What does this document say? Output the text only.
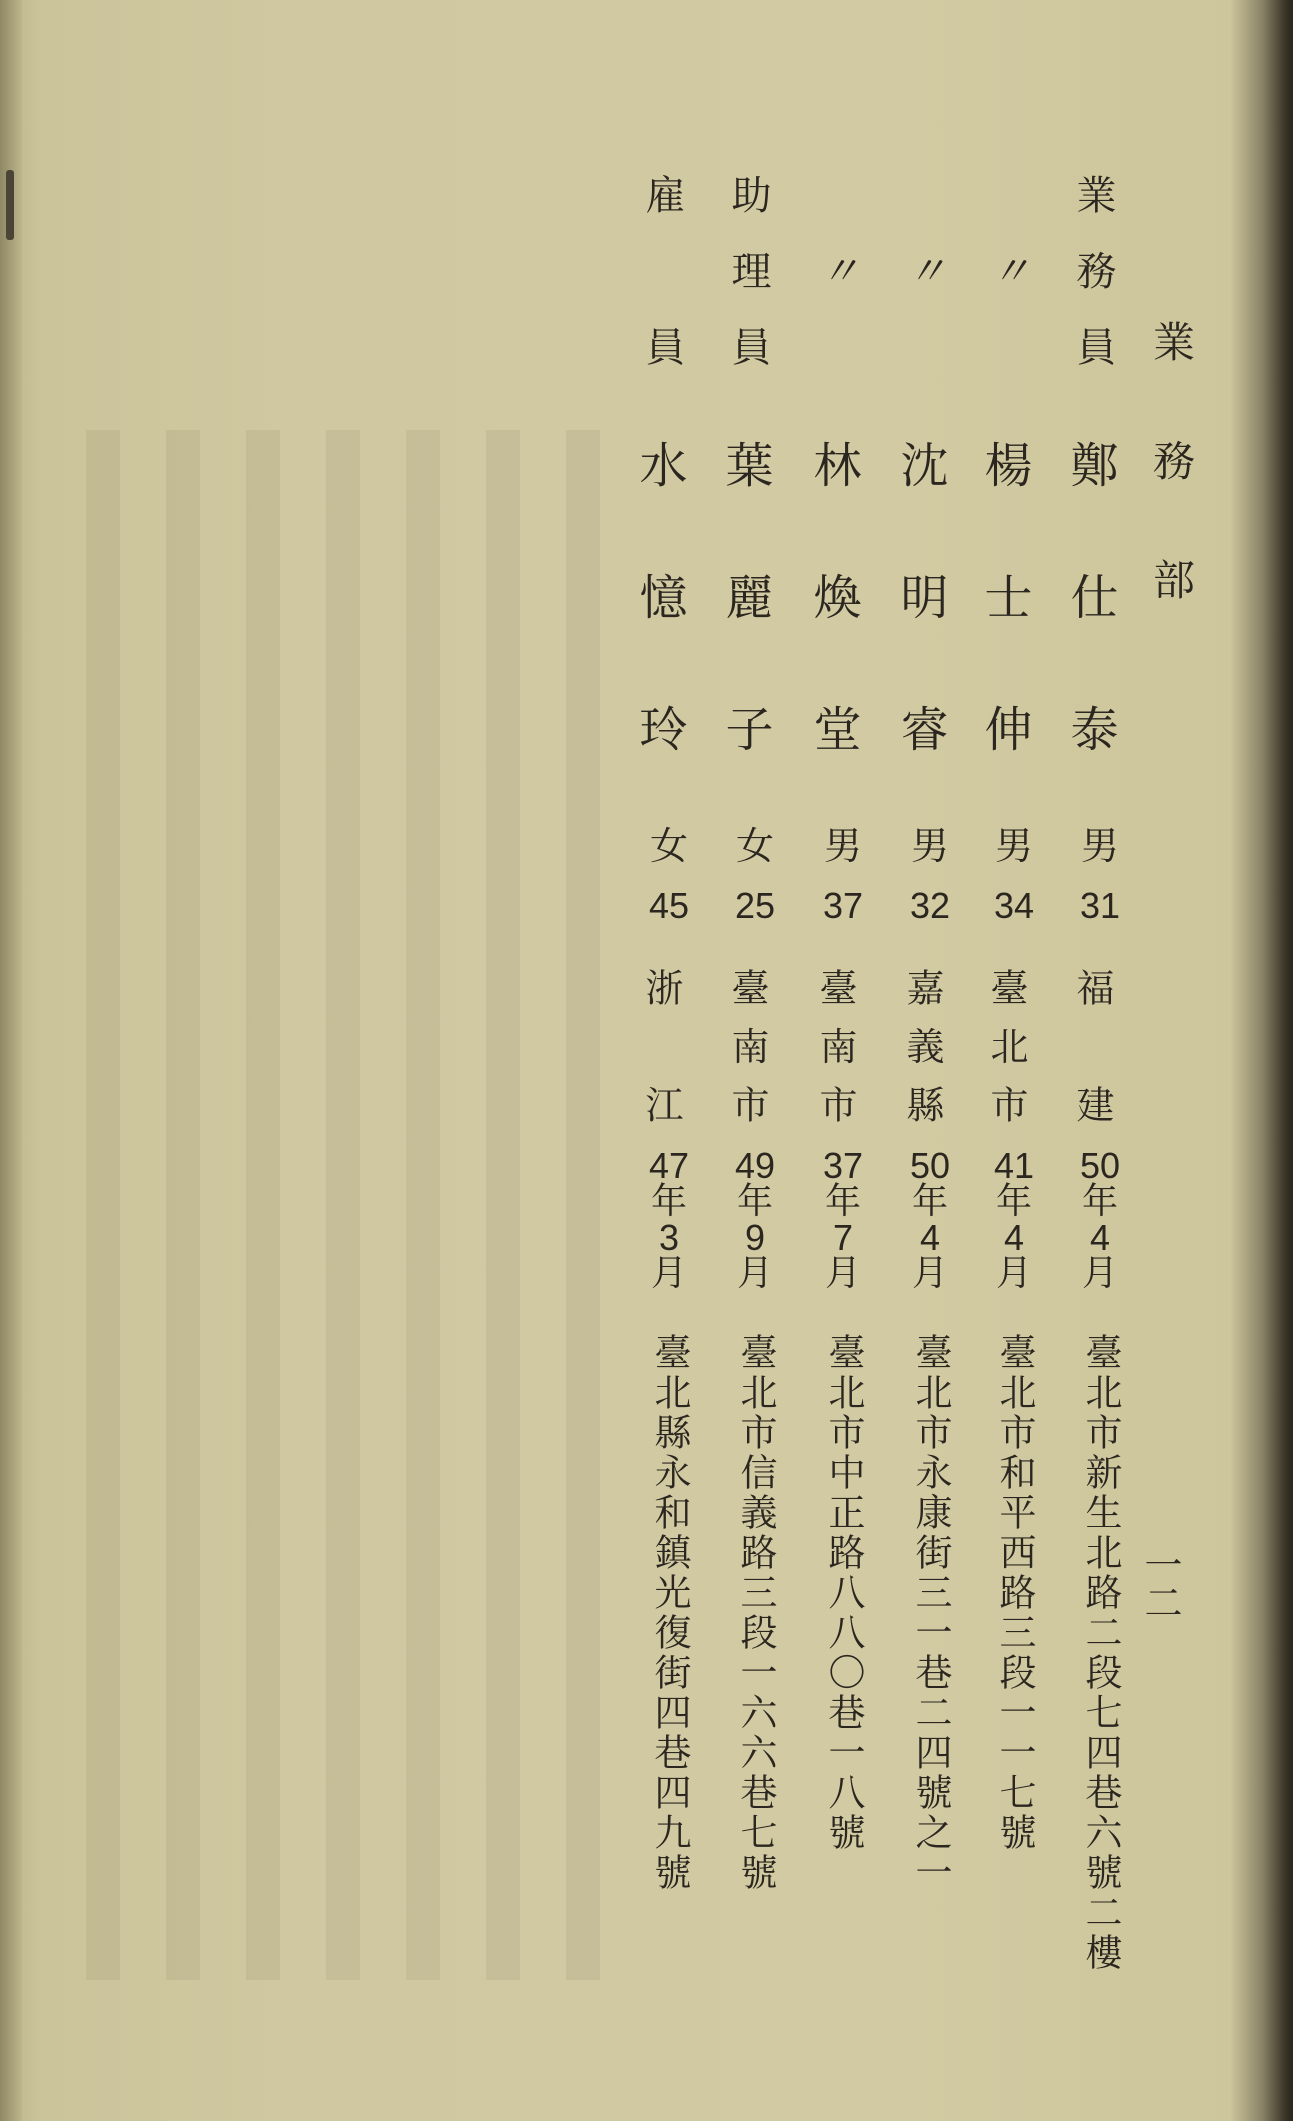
業務部
一二
業務員
鄭仕泰
男
31
福建
50
年
4
月
臺北市新生北路二段七四巷六號二樓
〃
楊士伸
男
34
臺北市
41
年
4
月
臺北市和平西路三段一一七號
〃
沈明睿
男
32
嘉義縣
50
年
4
月
臺北市永康街三一巷二四號之一
〃
林煥堂
男
37
臺南市
37
年
7
月
臺北市中正路八八〇巷一八號
助理員
葉麗子
女
25
臺南市
49
年
9
月
臺北市信義路三段一六六巷七號
雇員
水憶玲
女
45
浙江
47
年
3
月
臺北縣永和鎮光復街四巷四九號
